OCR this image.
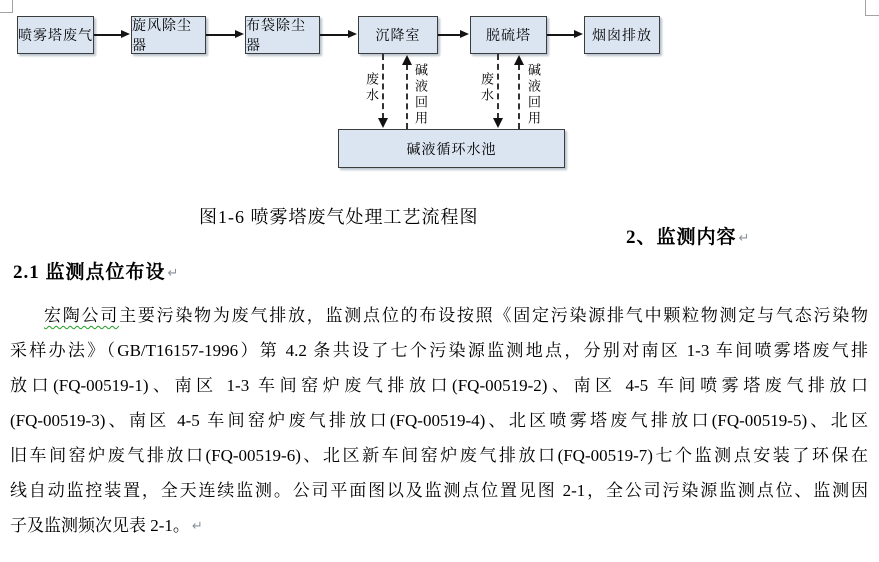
喷雾塔废气
旋风除尘器
布袋除尘器
沉降室	脱硫塔	烟囱排放
废水	碱液回用	废水 碱液回用
碱液循环水池
图1-6 喷雾塔废气处理工艺流程图
2、监测内容 ↵
2.1 监测点位布设 ↵
宏陶公司主要污染物为废气排放，监测点位的布设按照《固定污染源排气中颗粒物测定与气态污染物
采样办法》（GB/T16157-1996）第 4.2 条共设了七个污染源监测地点，分别对南区 1-3 车间喷雾塔废气排
放口(FQ-00519-1)、南区 1-3 车间窑炉废气排放口(FQ-00519-2)、南区 4-5 车间喷雾塔废气排放口
(FQ-00519-3)、南区 4-5 车间窑炉废气排放口(FQ-00519-4)、北区喷雾塔废气排放口(FQ-00519-5)、北区
旧车间窑炉废气排放口(FQ-00519-6)、北区新车间窑炉废气排放口(FQ-00519-7)七个监测点安装了环保在
线自动监控装置，全天连续监测。公司平面图以及监测点位置见图 2-1，全公司污染源监测点位、监测因
子及监测频次见表 2-1。 ↵
